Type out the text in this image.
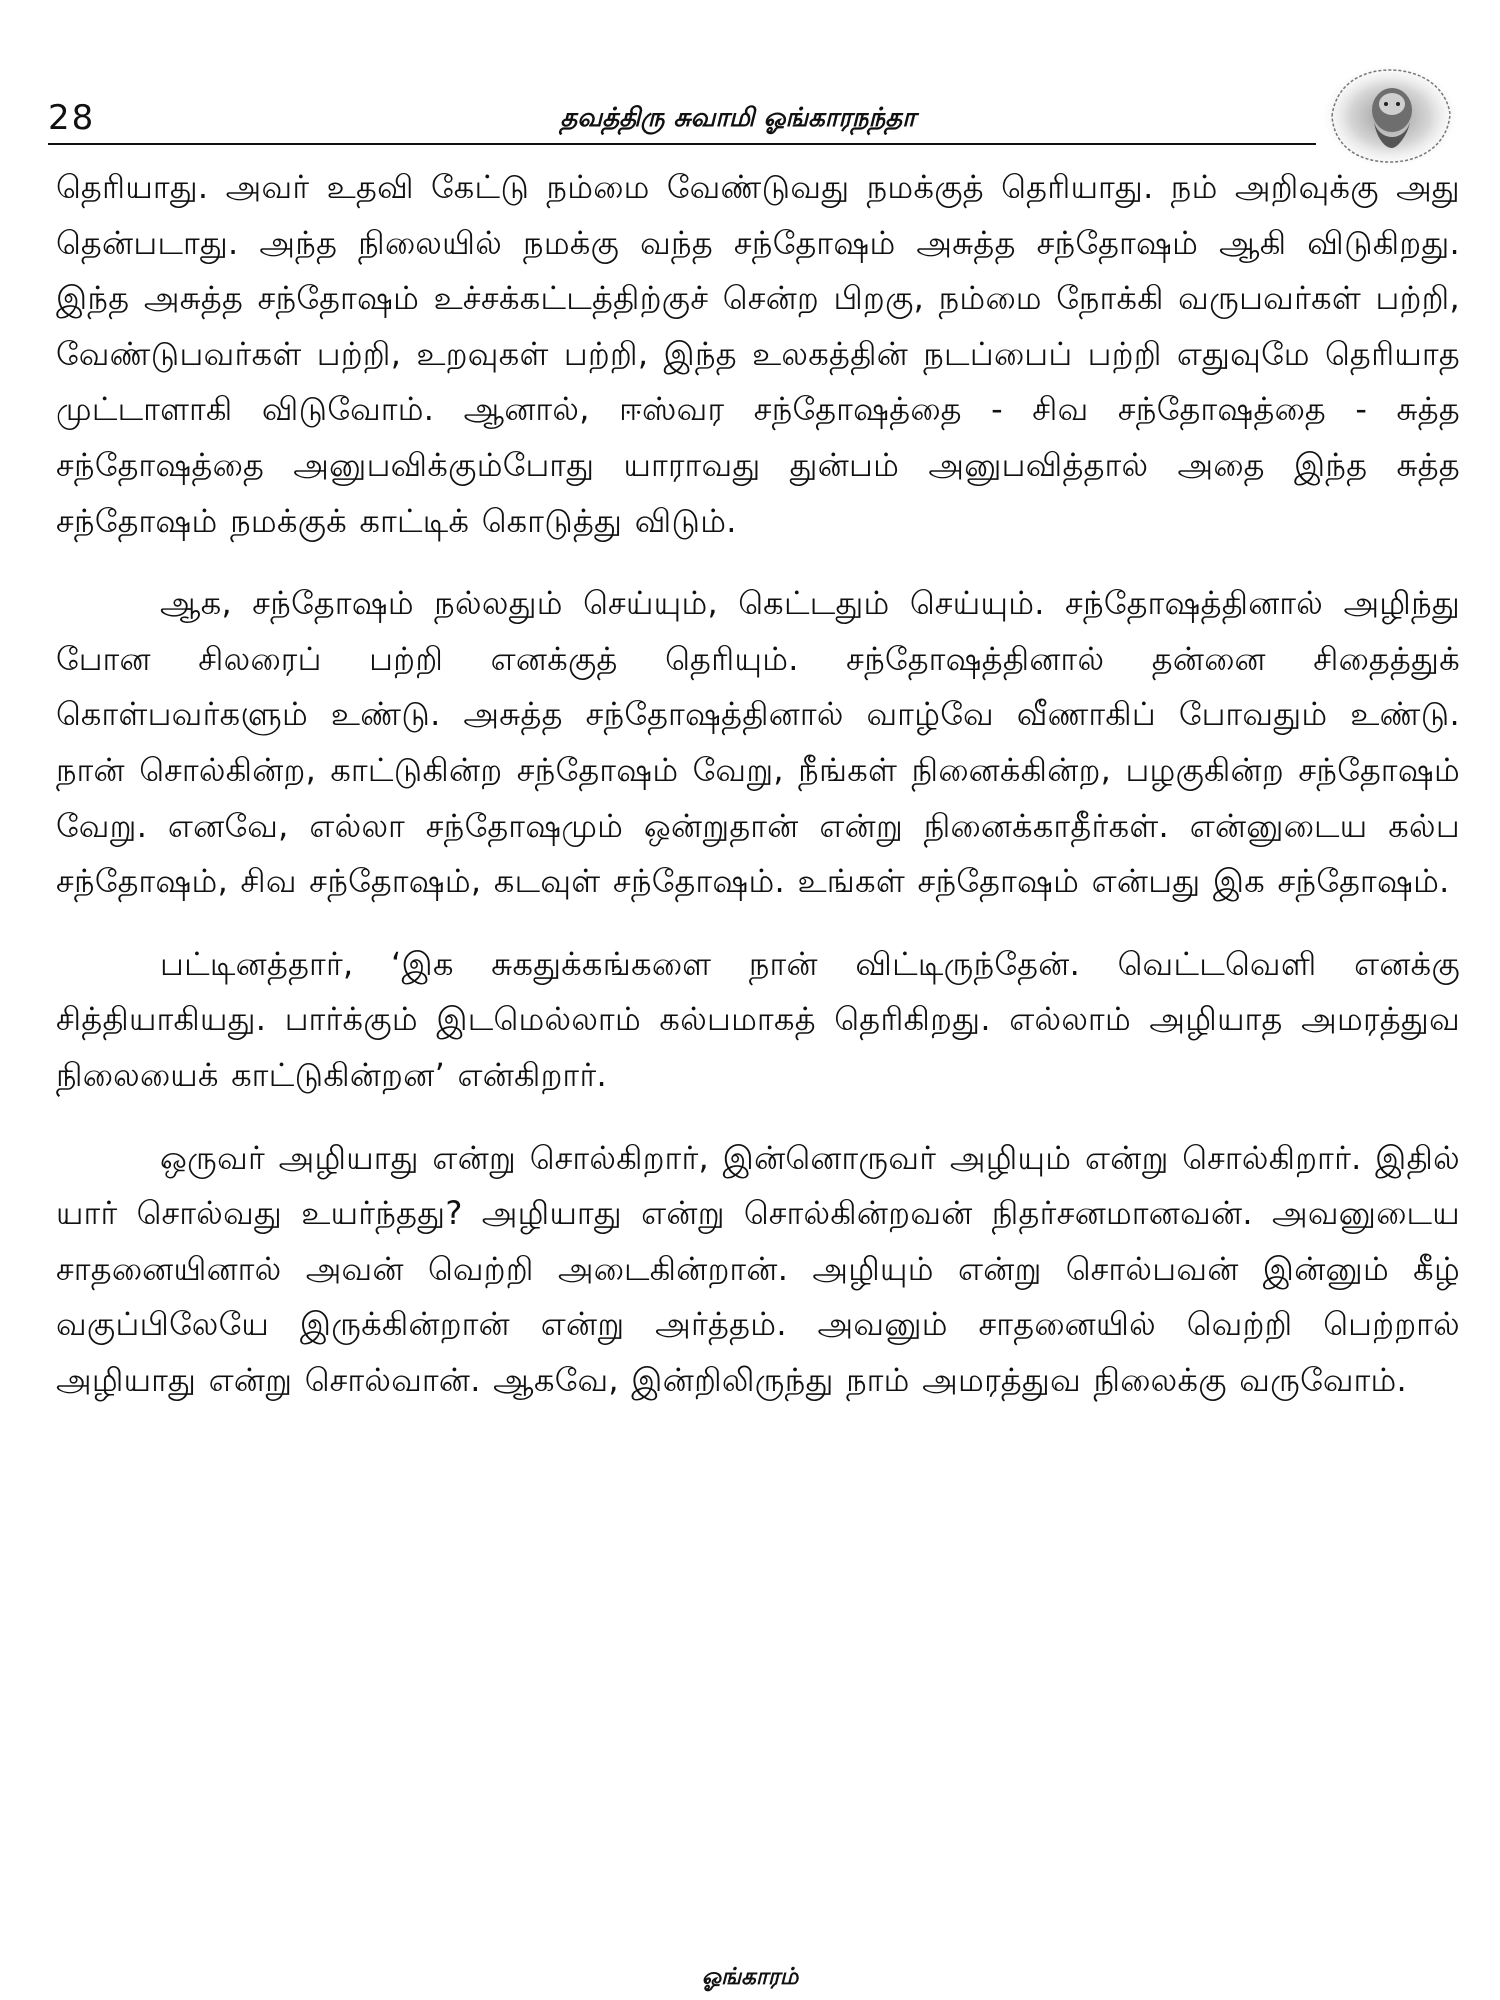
28	தவத்திரு சுவாமி ஓங்காரநந்தா

தெரியாது. அவர் உதவி கேட்டு நம்மை வேண்டுவது நமக்குத் தெரியாது. நம் அறிவுக்கு அது தென்படாது. அந்த நிலையில் நமக்கு வந்த சந்தோஷம் அசுத்த சந்தோஷம் ஆகி விடுகிறது. இந்த அசுத்த சந்தோஷம் உச்சக்கட்டத்திற்குச் சென்ற பிறகு, நம்மை நோக்கி வருபவர்கள் பற்றி, வேண்டுபவர்கள் பற்றி, உறவுகள் பற்றி, இந்த உலகத்தின் நடப்பைப் பற்றி எதுவுமே தெரியாத முட்டாளாகி விடுவோம். ஆனால், ஈஸ்வர சந்தோஷத்தை - சிவ சந்தோஷத்தை - சுத்த சந்தோஷத்தை அனுபவிக்கும்போது யாராவது துன்பம் அனுபவித்தால் அதை இந்த சுத்த சந்தோஷம் நமக்குக் காட்டிக் கொடுத்து விடும்.

ஆக, சந்தோஷம் நல்லதும் செய்யும், கெட்டதும் செய்யும். சந்தோஷத்தினால் அழிந்து போன சிலரைப் பற்றி எனக்குத் தெரியும். சந்தோஷத்தினால் தன்னை சிதைத்துக் கொள்பவர்களும் உண்டு. அசுத்த சந்தோஷத்தினால் வாழ்வே வீணாகிப் போவதும் உண்டு. நான் சொல்கின்ற, காட்டுகின்ற சந்தோஷம் வேறு, நீங்கள் நினைக்கின்ற, பழகுகின்ற சந்தோஷம் வேறு. எனவே, எல்லா சந்தோஷமும் ஒன்றுதான் என்று நினைக்காதீர்கள். என்னுடைய கல்ப சந்தோஷம், சிவ சந்தோஷம், கடவுள் சந்தோஷம். உங்கள் சந்தோஷம் என்பது இக சந்தோஷம்.

பட்டினத்தார், ‘இக சுகதுக்கங்களை நான் விட்டிருந்தேன். வெட்டவெளி எனக்கு சித்தியாகியது. பார்க்கும் இடமெல்லாம் கல்பமாகத் தெரிகிறது. எல்லாம் அழியாத அமரத்துவ நிலையைக் காட்டுகின்றன’ என்கிறார்.

ஒருவர் அழியாது என்று சொல்கிறார், இன்னொருவர் அழியும் என்று சொல்கிறார். இதில் யார் சொல்வது உயர்ந்தது? அழியாது என்று சொல்கின்றவன் நிதர்சனமானவன். அவனுடைய சாதனையினால் அவன் வெற்றி அடைகின்றான். அழியும் என்று சொல்பவன் இன்னும் கீழ் வகுப்பிலேயே இருக்கின்றான் என்று அர்த்தம். அவனும் சாதனையில் வெற்றி பெற்றால் அழியாது என்று சொல்வான். ஆகவே, இன்றிலிருந்து நாம் அமரத்துவ நிலைக்கு வருவோம்.

ஓங்காரம்
